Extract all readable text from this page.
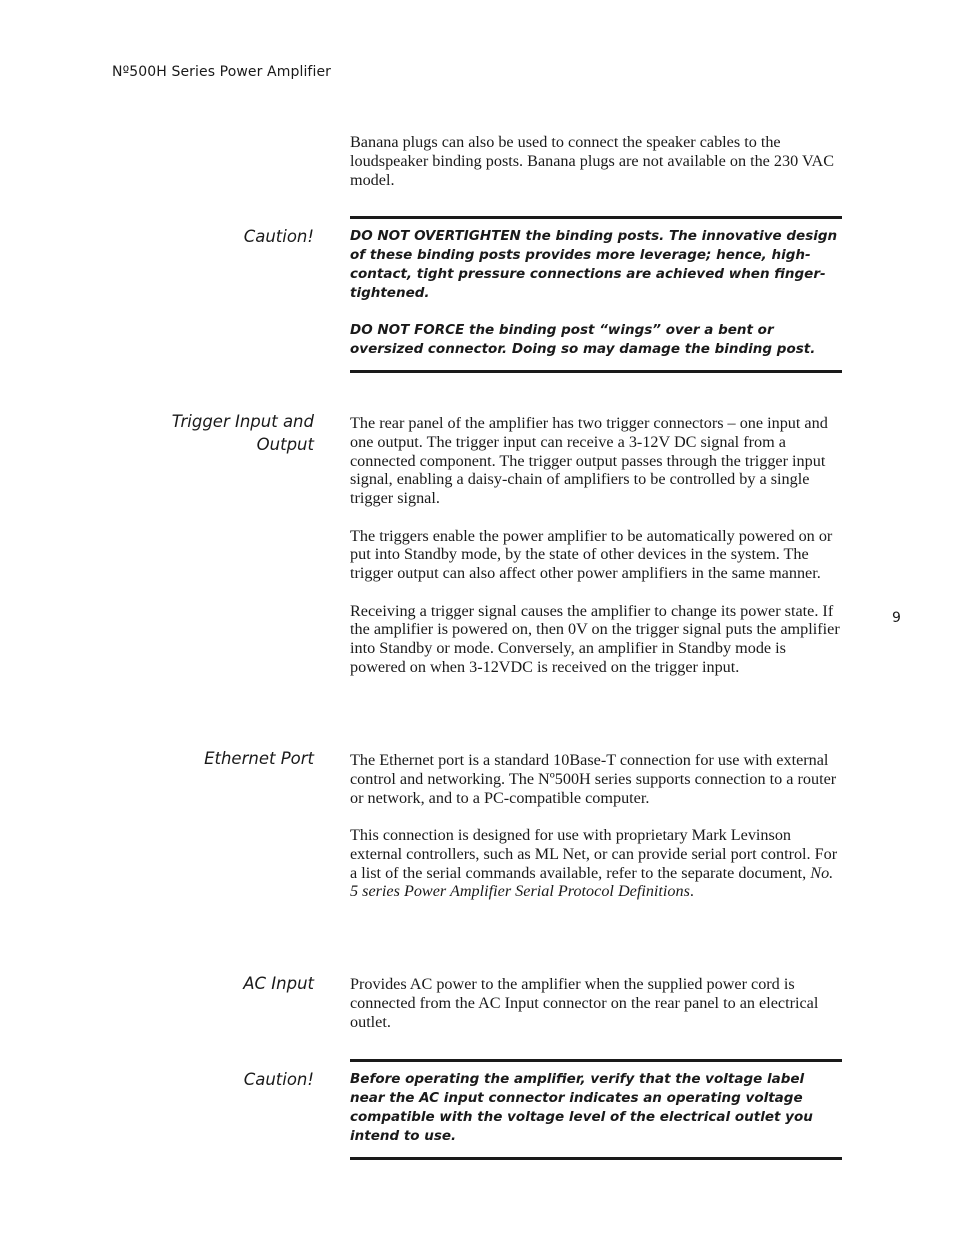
Nº500H Series Power Amplifier

Banana plugs can also be used to connect the speaker cables to the loudspeaker binding posts. Banana plugs are not available on the 230 VAC model.

Caution!	DO NOT OVERTIGHTEN the binding posts. The innovative design of these binding posts provides more leverage; hence, high-contact, tight pressure connections are achieved when finger-tightened.

DO NOT FORCE the binding post “wings” over a bent or oversized connector. Doing so may damage the binding post.

Trigger Input and
Output

The rear panel of the amplifier has two trigger connectors – one input and one output. The trigger input can receive a 3-12V DC signal from a connected component. The trigger output passes through the trigger input signal, enabling a daisy-chain of amplifiers to be controlled by a single trigger signal.

The triggers enable the power amplifier to be automatically powered on or put into Standby mode, by the state of other devices in the system. The trigger output can also affect other power amplifiers in the same manner.

Receiving a trigger signal causes the amplifier to change its power state. If the amplifier is powered on, then 0V on the trigger signal puts the amplifier into Standby or mode. Conversely, an amplifier in Standby mode is powered on when 3-12VDC is received on the trigger input.

9
Ethernet Port The Ethernet port is a standard 10Base-T connection for use with external control and networking. The Nº500H series supports connection to a router or network, and to a PC-compatible computer.

This connection is designed for use with proprietary Mark Levinson external controllers, such as ML Net, or can provide serial port control. For a list of the serial commands available, refer to the separate document, No. 5 series Power Amplifier Serial Protocol Definitions.

AC Input Provides AC power to the amplifier when the supplied power cord is connected from the AC Input connector on the rear panel to an electrical outlet.

Caution!	Before operating the amplifier, verify that the voltage label near the AC input connector indicates an operating voltage compatible with the voltage level of the electrical outlet you intend to use.
